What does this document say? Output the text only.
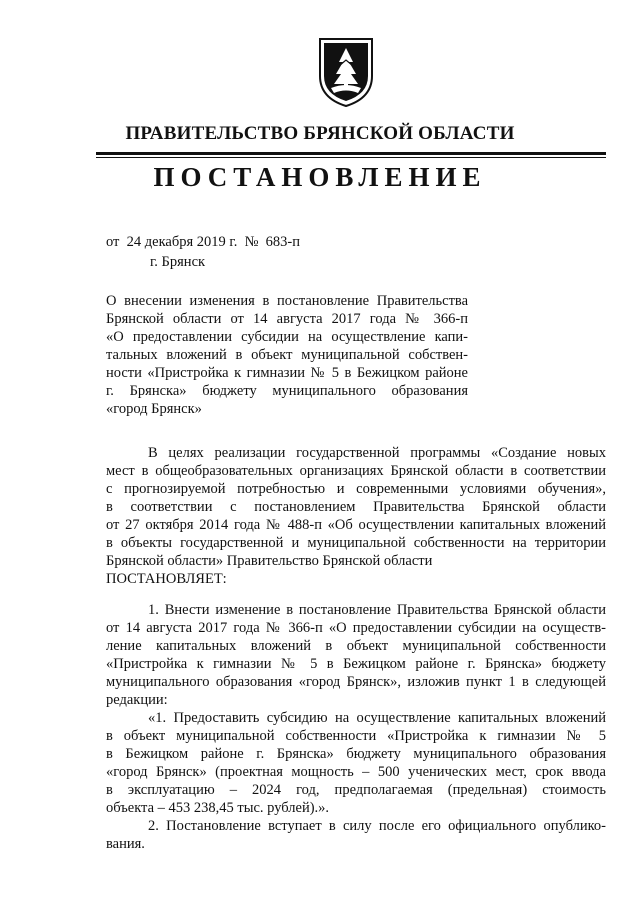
ПРАВИТЕЛЬСТВО БРЯНСКОЙ ОБЛАСТИ
ПОСТАНОВЛЕНИЕ
от  24 декабря 2019 г.  №  683-п
г. Брянск
О внесении изменения в постановление Правительства
Брянской области от 14 августа 2017 года № 366-п
«О предоставлении субсидии на осуществление капи-
тальных вложений в объект муниципальной собствен-
ности «Пристройка к гимназии № 5 в Бежицком районе
г. Брянска» бюджету муниципального образования
«город Брянск»
В целях реализации государственной программы «Создание новых
мест в общеобразовательных организациях Брянской области в соответствии
с прогнозируемой потребностью и современными условиями обучения»,
в соответствии с постановлением Правительства Брянской области
от 27 октября 2014 года № 488-п «Об осуществлении капитальных вложений
в объекты государственной и муниципальной собственности на территории
Брянской области» Правительство Брянской области
ПОСТАНОВЛЯЕТ:
1. Внести изменение в постановление Правительства Брянской области
от 14 августа 2017 года № 366-п «О предоставлении субсидии на осуществ-
ление капитальных вложений в объект муниципальной собственности
«Пристройка к гимназии № 5 в Бежицком районе г. Брянска» бюджету
муниципального образования «город Брянск», изложив пункт 1 в следующей
редакции:
«1. Предоставить субсидию на осуществление капитальных вложений
в объект муниципальной собственности «Пристройка к гимназии № 5
в Бежицком районе г. Брянска» бюджету муниципального образования
«город Брянск» (проектная мощность – 500 ученических мест, срок ввода
в эксплуатацию – 2024 год, предполагаемая (предельная) стоимость
объекта – 453 238,45 тыс. рублей).».
2. Постановление вступает в силу после его официального опублико-
вания.
